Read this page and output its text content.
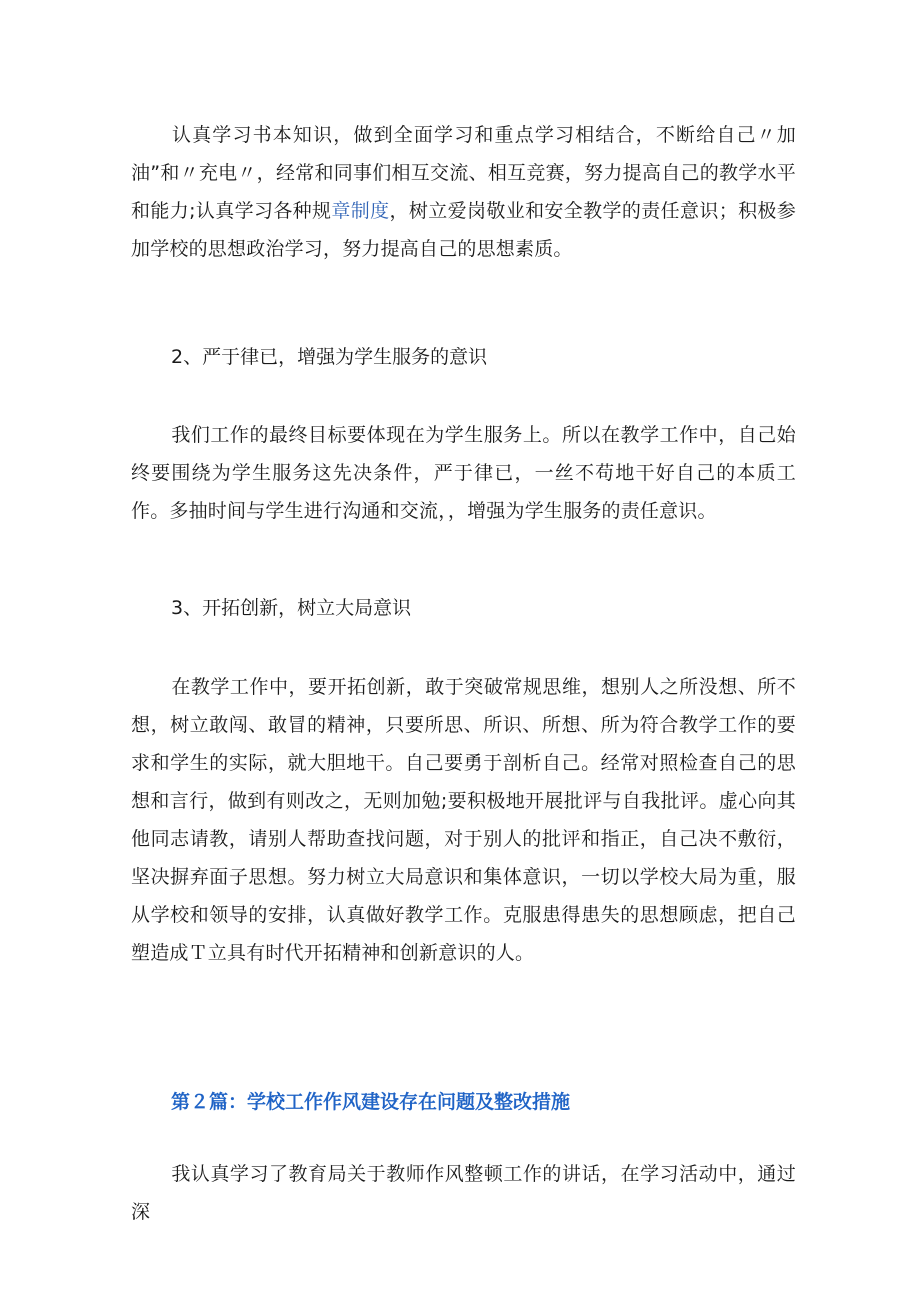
认真学习书本知识，做到全面学习和重点学习相结合，不断给自己〃加油”和〃充电〃，经常和同事们相互交流、相互竞赛，努力提高自己的教学水平和能力;认真学习各种规章制度，树立爱岗敬业和安全教学的责任意识；积极参加学校的思想政治学习，努力提高自己的思想素质。

2、严于律已，增强为学生服务的意识

我们工作的最终目标要体现在为学生服务上。所以在教学工作中，自己始终要围绕为学生服务这先决条件，严于律已，一丝不苟地干好自己的本质工作。多抽时间与学生进行沟通和交流，，增强为学生服务的责任意识。

3、开拓创新，树立大局意识

在教学工作中，要开拓创新，敢于突破常规思维，想别人之所没想、所不想，树立敢闯、敢冒的精神，只要所思、所识、所想、所为符合教学工作的要求和学生的实际，就大胆地干。自己要勇于剖析自己。经常对照检查自己的思想和言行，做到有则改之，无则加勉;要积极地开展批评与自我批评。虚心向其他同志请教，请别人帮助查找问题，对于别人的批评和指正，自己决不敷衍，坚决摒弃面子思想。努力树立大局意识和集体意识，一切以学校大局为重，服从学校和领导的安排，认真做好教学工作。克服患得患失的思想顾虑，把自己塑造成Ｔ立具有时代开拓精神和创新意识的人。

第２篇：学校工作作风建设存在问题及整改措施

我认真学习了教育局关于教师作风整顿工作的讲话，在学习活动中，通过深
